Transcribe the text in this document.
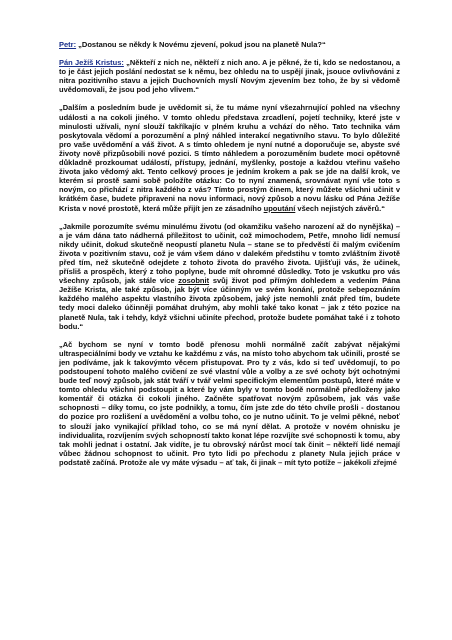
Petr: „Dostanou se někdy k Novému zjevení, pokud jsou na planetě Nula?“

Pán Ježíš Kristus: „Někteří z nich ne, někteří z nich ano. A je pěkné, že ti, kdo se nedostanou, a to je část jejich poslání nedostat se k němu, bez ohledu na to uspějí jinak, jsouce ovlivňováni z nitra pozitivního stavu a jejich Duchovních myslí Novým zjevením bez toho, že by si vědomě uvědomovali, že jsou pod jeho vlivem.“

„Dalším a posledním bude je uvědomit si, že tu máme nyní všezahrnující pohled na všechny události a na cokoli jiného. V tomto ohledu představa zrcadlení, pojetí techniky, které jste v minulosti užívali, nyní slouží takříkajíc v plném kruhu a vchází do něho. Tato technika vám poskytovala vědomí a porozumění a plný náhled interakcí negativního stavu. To bylo důležité pro vaše uvědomění a váš život. A s tímto ohledem je nyní nutné a doporučuje se, abyste své životy nově přizpůsobili nové pozici. S tímto náhledem a porozuměním budete moci opětovně důkladně prozkoumat událostí, přístupy, jednání, myšlenky, postoje a každou vteřinu vašeho života jako vědomý akt. Tento celkový proces je jedním krokem a pak se jde na další krok, ve kterém si prostě sami sobě položíte otázku: Co to nyní znamená, srovnávat nyní vše toto s novým, co přichází z nitra každého z vás? Tímto prostým činem, který můžete všichni učinit v krátkém čase, budete připraveni na novu informaci, nový způsob a novu lásku od Pána Ježíše Krista v nové prostotě, která může přijít jen ze zásadního upoutání všech nejistých závěrů.“

„Jakmile porozumíte svému minulému životu (od okamžiku vašeho narození až do nynějška) – a je vám dána tato nádherná příležitost to učinit, což mimochodem, Petře, mnoho lidí nemusí nikdy učinit, dokud skutečně neopustí planetu Nula – stane se to předvěstí či malým cvičením života v pozitivním stavu, což je vám všem dáno v dalekém předstihu v tomto zvláštním životě před tím, než skutečně odejdete z tohoto života do pravého života. Ujišťuji vás, že učinek, přísliš a prospěch, který z toho poplyne, bude mít ohromné důsledky. Toto je vskutku pro vás všechny způsob, jak stále více zosobnit svůj život pod přímým dohledem a vedením Pána Ježíše Krista, ale také způsob, jak být více účinným ve svém konání, protože sebepoznáním každého malého aspektu vlastního života způsobem, jaký jste nemohli znát před tím, budete tedy moci daleko účinněji pomáhat druhým, aby mohli také tako konat – jak z této pozice na planetě Nula, tak i tehdy, když všichni učiníte přechod, protože budete pomáhat také i z tohoto bodu.“

„Ač bychom se nyní v tomto bodě přenosu mohli normálně začít zabývat nějakými ultraspeciálními body ve vztahu ke každému z vás, na místo toho abychom tak učinili, prosté se jen podíváme, jak k takovýmto věcem přistupovat. Pro ty z vás, kdo si teď uvědomují, to po podstoupení tohoto malého cvičení ze své vlastní vůle a volby a ze své ochoty být ochotnými bude teď nový způsob, jak stát tváří v tvář velmi specifickým elementům postupů, které máte v tomto ohledu všichni podstoupit a které by vám byly v tomto bodě normálně předloženy jako komentář či otázka či cokoli jiného. Začněte spatřovat novým způsobem, jak vás vaše schopnosti – díky tomu, co jste podnikly, a tomu, čím jste zde do této chvíle prošli - dostanou do pozice pro rozlišení a uvědomění a volbu toho, co je nutno učinit. To je velmi pěkné, neboť to slouží jako vynikající příklad toho, co se má nyní dělat. A protože v novém ohnisku je individualita, rozvíjením svých schopností takto konat lépe rozvíjíte své schopnosti k tomu, aby tak mohli jednat i ostatní. Jak vidíte, je tu obrovský nárůst mocí tak činit – někteří lidé nemají vůbec žádnou schopnost to učinit. Pro tyto lidi po přechodu z planety Nula jejich práce v podstatě začíná. Protože ale vy máte výsadu – ať tak, či jinak – mít tyto potíže – jakékoli zřejmé
